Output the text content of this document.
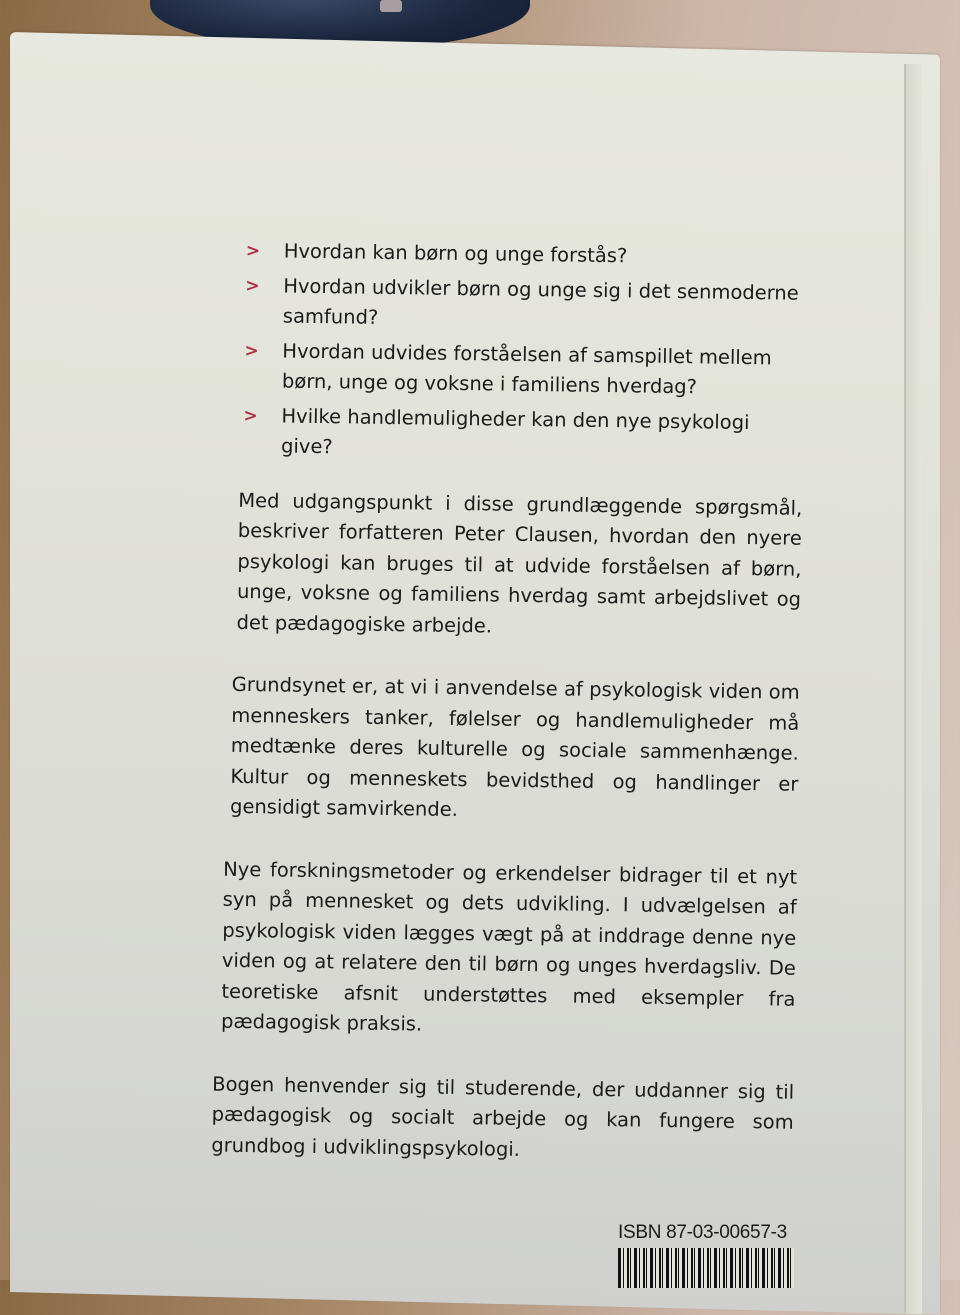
> Hvordan kan børn og unge forstås?
> Hvordan udvikler børn og unge sig i det senmoderne samfund?
> Hvordan udvides forståelsen af samspillet mellem børn, unge og voksne i familiens hverdag?
> Hvilke handlemuligheder kan den nye psykologi give?

Med udgangspunkt i disse grundlæggende spørgsmål, beskriver forfatteren Peter Clausen, hvordan den nyere psykologi kan bruges til at udvide forståelsen af børn, unge, voksne og familiens hverdag samt arbejdslivet og det pædagogiske arbejde.

Grundsynet er, at vi i anvendelse af psykologisk viden om menneskers tanker, følelser og handlemuligheder må medtænke deres kulturelle og sociale sammenhænge. Kultur og menneskets bevidsthed og handlinger er gensidigt samvirkende.

Nye forskningsmetoder og erkendelser bidrager til et nyt syn på mennesket og dets udvikling. I udvælgelsen af psykologisk viden lægges vægt på at inddrage denne nye viden og at relatere den til børn og unges hverdagsliv. De teoretiske afsnit understøttes med eksempler fra pædagogisk praksis.

Bogen henvender sig til studerende, der uddanner sig til pædagogisk og socialt arbejde og kan fungere som grundbog i udviklingspsykologi.

ISBN 87-03-00657-3
